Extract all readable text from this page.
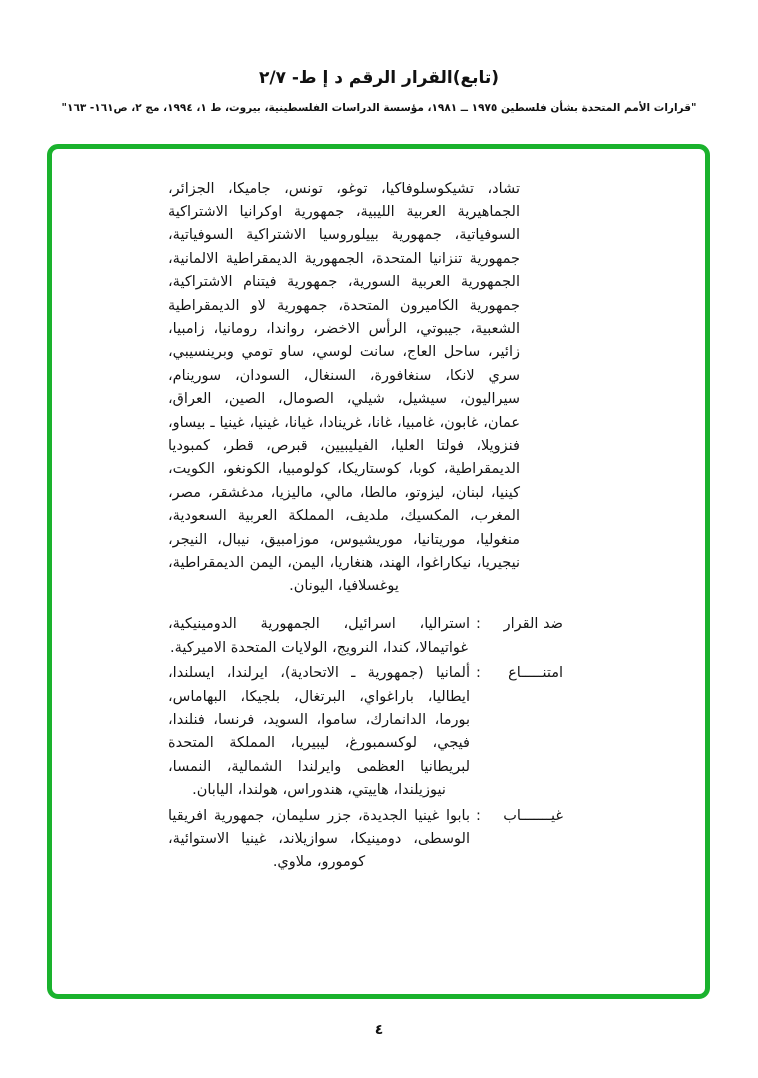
(تابع)القرار الرقم د إ ط- ٢/٧
"قرارات الأمم المتحدة بشأن فلسطين ١٩٧٥ ــ ١٩٨١، مؤسسة الدراسات الفلسطينية، بيروت، ط ١، ١٩٩٤، مج ٢، ص١٦١- ١٦٣"

تشاد، تشيكوسلوفاكيا، توغو، تونس، جاميكا، الجزائر، الجماهيرية العربية الليبية، جمهورية اوكرانيا الاشتراكية السوفياتية، جمهورية بييلوروسيا الاشتراكية السوفياتية، جمهورية تنزانيا المتحدة، الجمهورية الديمقراطية الالمانية، الجمهورية العربية السورية، جمهورية فيتنام الاشتراكية، جمهورية الكاميرون المتحدة، جمهورية لاو الديمقراطية الشعبية، جيبوتي، الرأس الاخضر، رواندا، رومانيا، زامبيا، زائير، ساحل العاج، سانت لوسي، ساو تومي وبرينسيبي، سري لانكا، سنغافورة، السنغال، السودان، سورينام، سيراليون، سيشيل، شيلي، الصومال، الصين، العراق، عمان، غابون، غامبيا، غانا، غرينادا، غيانا، غينيا، غينيا ـ بيساو، فنزويلا، فولتا العليا، الفيليبيين، قبرص، قطر، كمبوديا الديمقراطية، كوبا، كوستاريكا، كولومبيا، الكونغو، الكويت، كينيا، لبنان، ليزوتو، مالطا، مالي، ماليزيا، مدغشقر، مصر، المغرب، المكسيك، ملديف، المملكة العربية السعودية، منغوليا، موريتانيا، موريشيوس، موزامبيق، نيبال، النيجر، نيجيريا، نيكاراغوا، الهند، هنغاريا، اليمن، اليمن الديمقراطية، يوغسلافيا، اليونان.

ضد القرار
:
استراليا، اسرائيل، الجمهورية الدومينيكية، غواتيمالا، كندا، النرويج، الولايات المتحدة الاميركية.
امتنـــــاع
:
ألمانيا (جمهورية ـ الاتحادية)، ايرلندا، ايسلندا، ايطاليا، باراغواي، البرتغال، بلجيكا، البهاماس، بورما، الدانمارك، ساموا، السويد، فرنسا، فنلندا، فيجي، لوكسمبورغ، ليبيريا، المملكة المتحدة لبريطانيا العظمى وايرلندا الشمالية، النمسا، نيوزيلندا، هاييتي، هندوراس، هولندا، اليابان.
غيـــــــاب
:
بابوا غينيا الجديدة، جزر سليمان، جمهورية افريقيا الوسطى، دومينيكا، سوازيلاند، غينيا الاستوائية، كومورو، ملاوي.
٤
